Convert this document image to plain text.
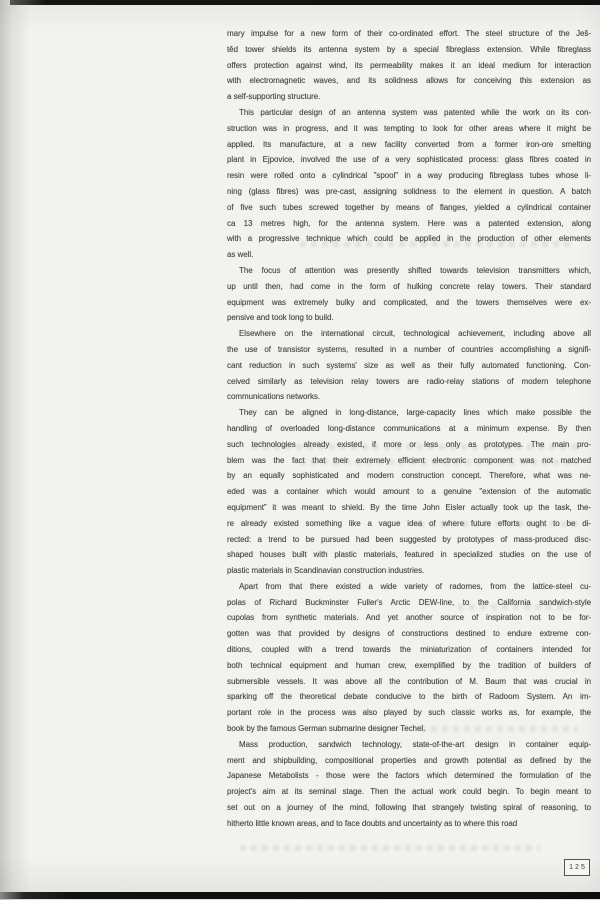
mary impulse for a new form of their co-ordinated effort. The steel structure of the Ješ-
těd tower shields its antenna system by a special fibreglass extension. While fibreglass
offers protection against wind, its permeability makes it an ideal medium for interaction
with electromagnetic waves, and its solidness allows for conceiving this extension as
a self-supporting structure.
This particular design of an antenna system was patented while the work on its con-
struction was in progress, and it was tempting to look for other areas where it might be
applied. Its manufacture, at a new facility converted from a former iron-ore smelting
plant in Ejpovice, involved the use of a very sophisticated process: glass fibres coated in
resin were rolled onto a cylindrical "spool" in a way producing fibreglass tubes whose li-
ning (glass fibres) was pre-cast, assigning solidness to the element in question. A batch
of five such tubes screwed together by means of flanges, yielded a cylindrical container
ca 13 metres high, for the antenna system. Here was a patented extension, along
with a progressive technique which could be applied in the production of other elements
as well.
The focus of attention was presently shifted towards television transmitters which,
up until then, had come in the form of hulking concrete relay towers. Their standard
equipment was extremely bulky and complicated, and the towers themselves were ex-
pensive and took long to build.
Elsewhere on the international circuit, technological achievement, including above all
the use of transistor systems, resulted in a number of countries accomplishing a signifi-
cant reduction in such systems' size as well as their fully automated functioning. Con-
ceived similarly as television relay towers are radio-relay stations of modern telephone
communications networks.
They can be aligned in long-distance, large-capacity lines which make possible the
handling of overloaded long-distance communications at a minimum expense. By then
such technologies already existed, if more or less only as prototypes. The main pro-
blem was the fact that their extremely efficient electronic component was not matched
by an equally sophisticated and modern construction concept. Therefore, what was ne-
eded was a container which would amount to a genuine "extension of the automatic
equipment" it was meant to shield. By the time John Eisler actually took up the task, the-
re already existed something like a vague idea of where future efforts ought to be di-
rected: a trend to be pursued had been suggested by prototypes of mass-produced disc-
shaped houses built with plastic materials, featured in specialized studies on the use of
plastic materials in Scandinavian construction industries.
Apart from that there existed a wide variety of radomes, from the lattice-steel cu-
polas of Richard Buckminster Fuller's Arctic DEW-line, to the California sandwich-style
cupolas from synthetic materials. And yet another source of inspiration not to be for-
gotten was that provided by designs of constructions destined to endure extreme con-
ditions, coupled with a trend towards the miniaturization of containers intended for
both technical equipment and human crew, exemplified by the tradition of builders of
submersible vessels. It was above all the contribution of M. Baum that was crucial in
sparking off the theoretical debate conducive to the birth of Radoom System. An im-
portant role in the process was also played by such classic works as, for example, the
book by the famous German submarine designer Techel.
Mass production, sandwich technology, state-of-the-art design in container equip-
ment and shipbuilding, compositional properties and growth potential as defined by the
Japanese Metabolists - those were the factors which determined the formulation of the
project's aim at its seminal stage. Then the actual work could begin. To begin meant to
set out on a journey of the mind, following that strangely twisting spiral of reasoning, to
hitherto little known areas, and to face doubts and uncertainty as to where this road
125
